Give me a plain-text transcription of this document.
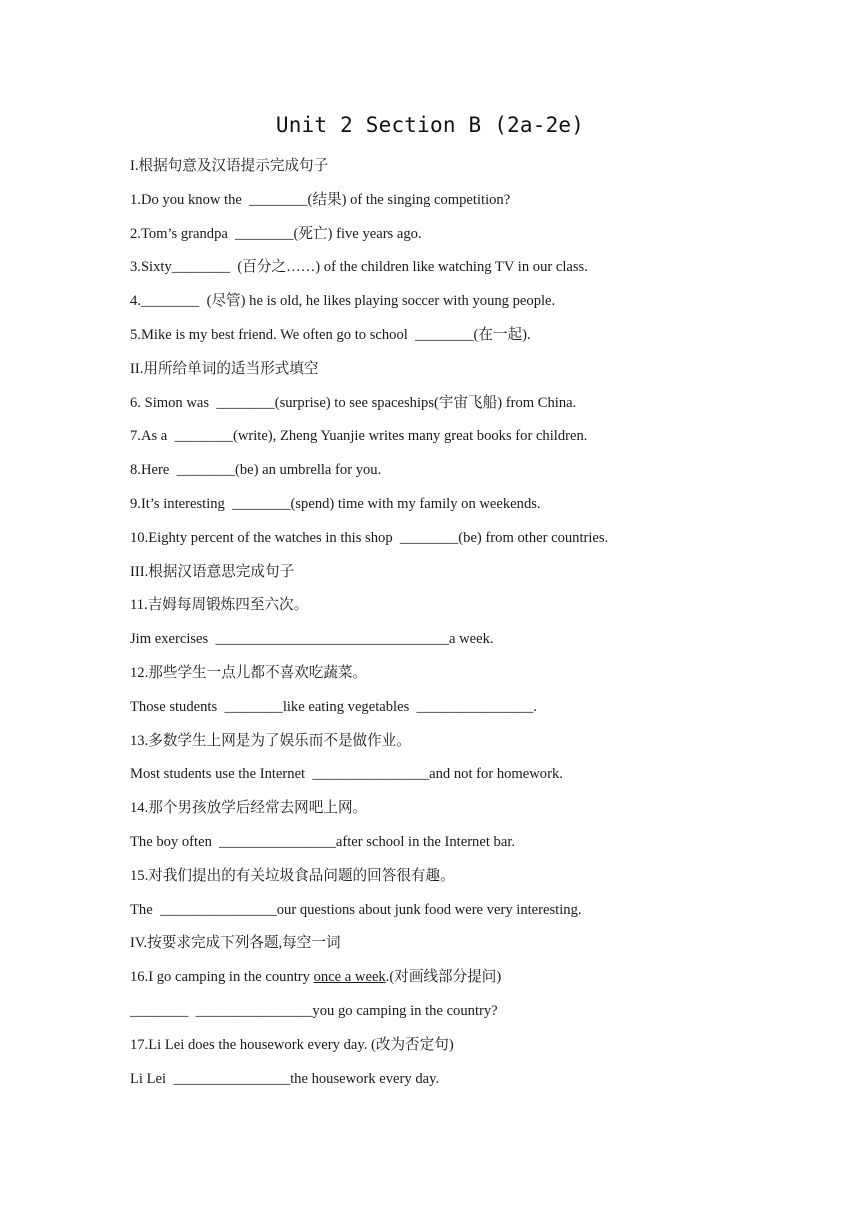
Unit 2 Section B (2a-2e)
I.根据句意及汉语提示完成句子
1.Do you know the  ________(结果) of the singing competition?
2.Tom’s grandpa  ________(死亡) five years ago.
3.Sixty________  (百分之……) of the children like watching TV in our class.
4.________  (尽管) he is old, he likes playing soccer with young people.
5.Mike is my best friend. We often go to school  ________(在一起).
II.用所给单词的适当形式填空
6. Simon was  ________(surprise) to see spaceships(宇宙飞船) from China.
7.As a  ________(write), Zheng Yuanjie writes many great books for children.
8.Here  ________(be) an umbrella for you.
9.It’s interesting  ________(spend) time with my family on weekends.
10.Eighty percent of the watches in this shop  ________(be) from other countries.
III.根据汉语意思完成句子
11.吉姆每周锻炼四至六次。
Jim exercises  ________________________________a week.
12.那些学生一点儿都不喜欢吃蔬菜。
Those students  ________like eating vegetables  ________________.
13.多数学生上网是为了娱乐而不是做作业。
Most students use the Internet  ________________and not for homework.
14.那个男孩放学后经常去网吧上网。
The boy often  ________________after school in the Internet bar.
15.对我们提出的有关垃圾食品问题的回答很有趣。
The  ________________our questions about junk food were very interesting.
IV.按要求完成下列各题,每空一词
16.I go camping in the country once a week.(对画线部分提问)
________  ________________you go camping in the country?
17.Li Lei does the housework every day. (改为否定句)
Li Lei  ________________the housework every day.
